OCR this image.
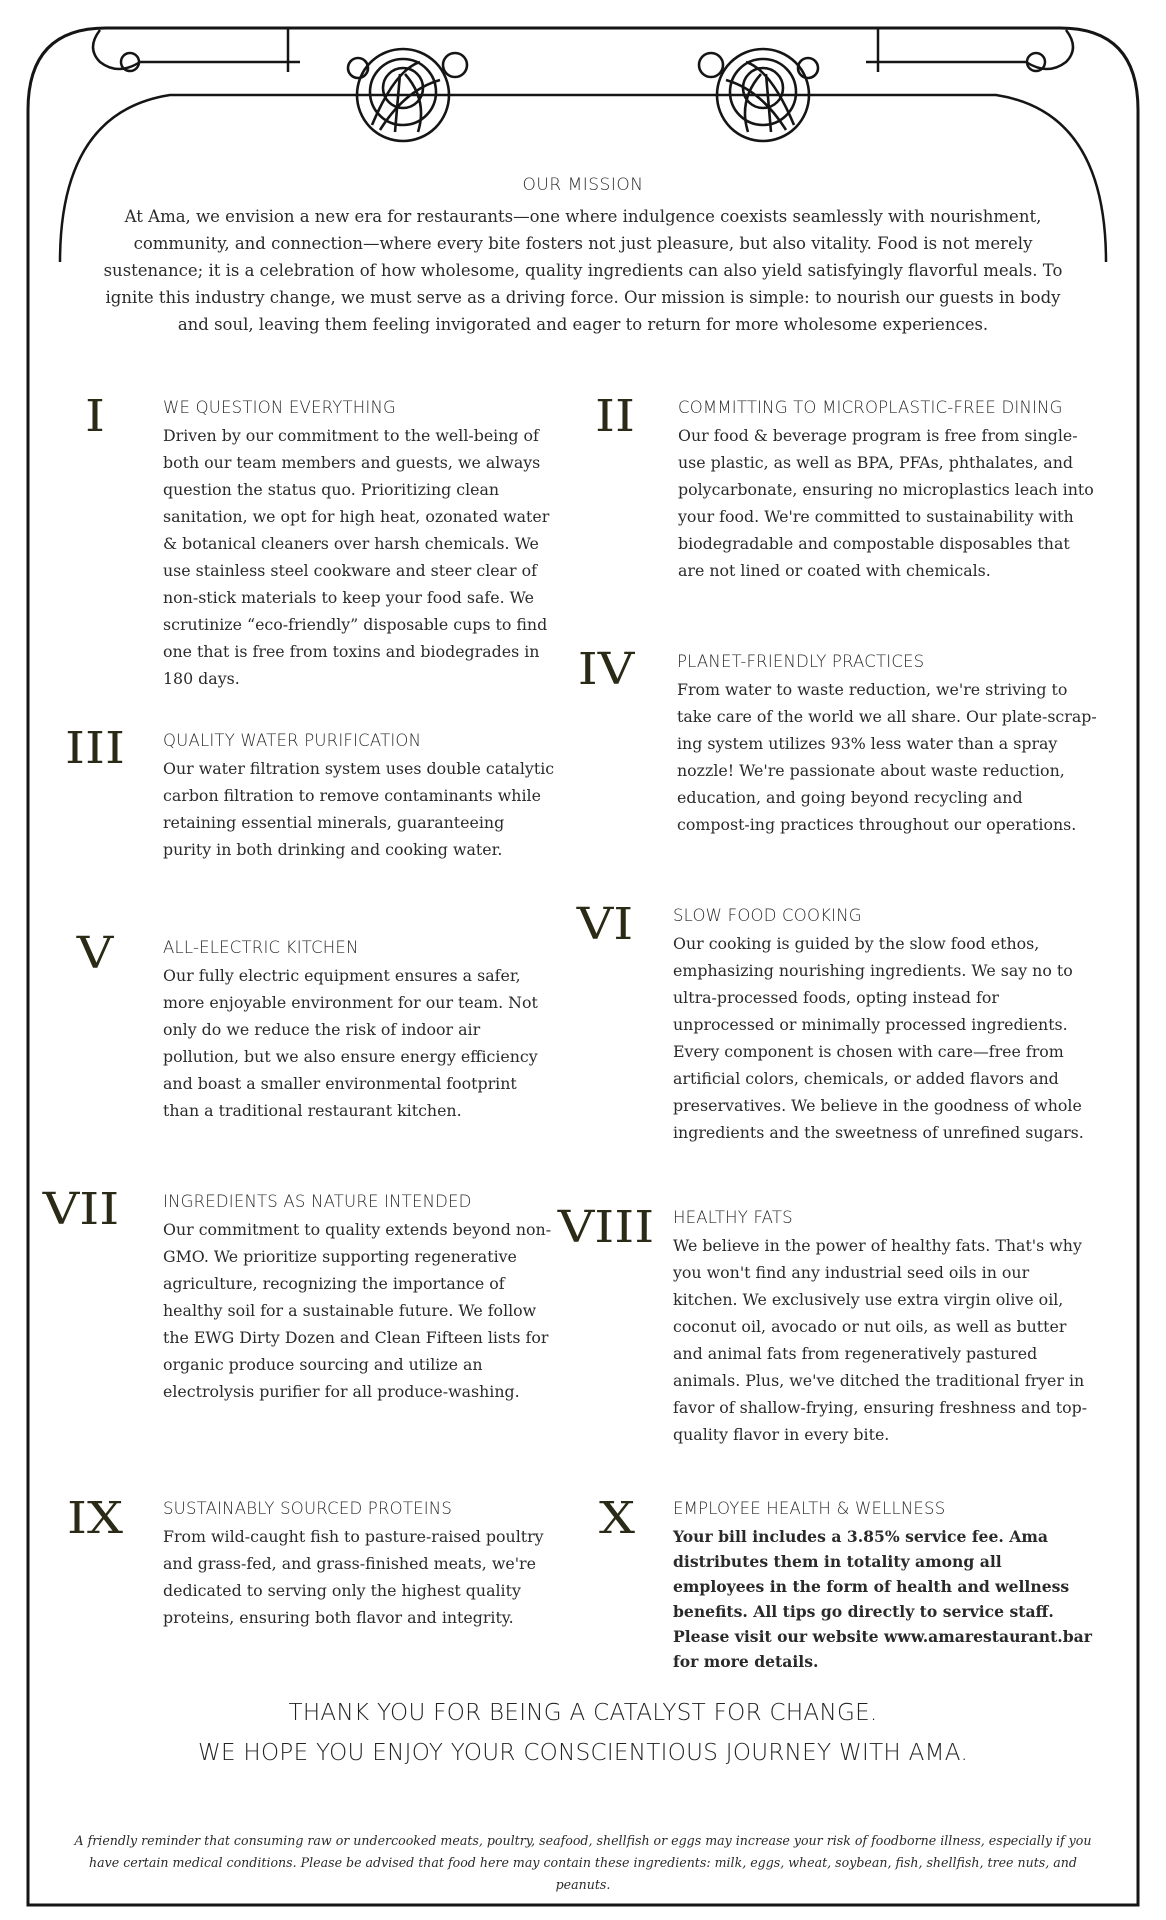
OUR MISSION
At Ama, we envision a new era for restaurants—one where indulgence coexists seamlessly with nourishment, community, and connection—where every bite fosters not just pleasure, but also vitality. Food is not merely sustenance; it is a celebration of how wholesome, quality ingredients can also yield satisfyingly flavorful meals. To ignite this industry change, we must serve as a driving force. Our mission is simple: to nourish our guests in body and soul, leaving them feeling invigorated and eager to return for more wholesome experiences.
I	WE QUESTION EVERYTHING
Driven by our commitment to the well-being of both our team members and guests, we always question the status quo. Prioritizing clean sanitation, we opt for high heat, ozonated water & botanical cleaners over harsh chemicals. We use stainless steel cookware and steer clear of non-stick materials to keep your food safe. We scrutinize “eco-friendly” disposable cups to find one that is free from toxins and biodegrades in 180 days.
II	COMMITTING TO MICROPLASTIC-FREE DINING
Our food & beverage program is free from single-use plastic, as well as BPA, PFAs, phthalates, and polycarbonate, ensuring no microplastics leach into your food. We're committed to sustainability with biodegradable and compostable disposables that are not lined or coated with chemicals.
III	QUALITY WATER PURIFICATION
Our water filtration system uses double catalytic carbon filtration to remove contaminants while retaining essential minerals, guaranteeing purity in both drinking and cooking water.
IV	PLANET-FRIENDLY PRACTICES
From water to waste reduction, we're striving to take care of the world we all share. Our plate-scrap-ing system utilizes 93% less water than a spray nozzle! We're passionate about waste reduction, education, and going beyond recycling and compost-ing practices throughout our operations.
V	ALL-ELECTRIC KITCHEN
Our fully electric equipment ensures a safer, more enjoyable environment for our team. Not only do we reduce the risk of indoor air pollution, but we also ensure energy efficiency and boast a smaller environmental footprint than a traditional restaurant kitchen.
VI	SLOW FOOD COOKING
Our cooking is guided by the slow food ethos, emphasizing nourishing ingredients. We say no to ultra-processed foods, opting instead for unprocessed or minimally processed ingredients. Every component is chosen with care—free from artificial colors, chemicals, or added flavors and preservatives. We believe in the goodness of whole ingredients and the sweetness of unrefined sugars.
VII	INGREDIENTS AS NATURE INTENDED
Our commitment to quality extends beyond non-GMO. We prioritize supporting regenerative agriculture, recognizing the importance of healthy soil for a sustainable future. We follow the EWG Dirty Dozen and Clean Fifteen lists for organic produce sourcing and utilize an electrolysis purifier for all produce-washing.
VIII	HEALTHY FATS
We believe in the power of healthy fats. That's why you won't find any industrial seed oils in our kitchen. We exclusively use extra virgin olive oil, coconut oil, avocado or nut oils, as well as butter and animal fats from regeneratively pastured animals. Plus, we've ditched the traditional fryer in favor of shallow-frying, ensuring freshness and top-quality flavor in every bite.
IX	SUSTAINABLY SOURCED PROTEINS
From wild-caught fish to pasture-raised poultry and grass-fed, and grass-finished meats, we're dedicated to serving only the highest quality proteins, ensuring both flavor and integrity.
X	EMPLOYEE HEALTH & WELLNESS
Your bill includes a 3.85% service fee. Ama distributes them in totality among all employees in the form of health and wellness benefits. All tips go directly to service staff. Please visit our website www.amarestaurant.bar for more details.
THANK YOU FOR BEING A CATALYST FOR CHANGE.
WE HOPE YOU ENJOY YOUR CONSCIENTIOUS JOURNEY WITH AMA.
A friendly reminder that consuming raw or undercooked meats, poultry, seafood, shellfish or eggs may increase your risk of foodborne illness, especially if you have certain medical conditions. Please be advised that food here may contain these ingredients: milk, eggs, wheat, soybean, fish, shellfish, tree nuts, and peanuts.
